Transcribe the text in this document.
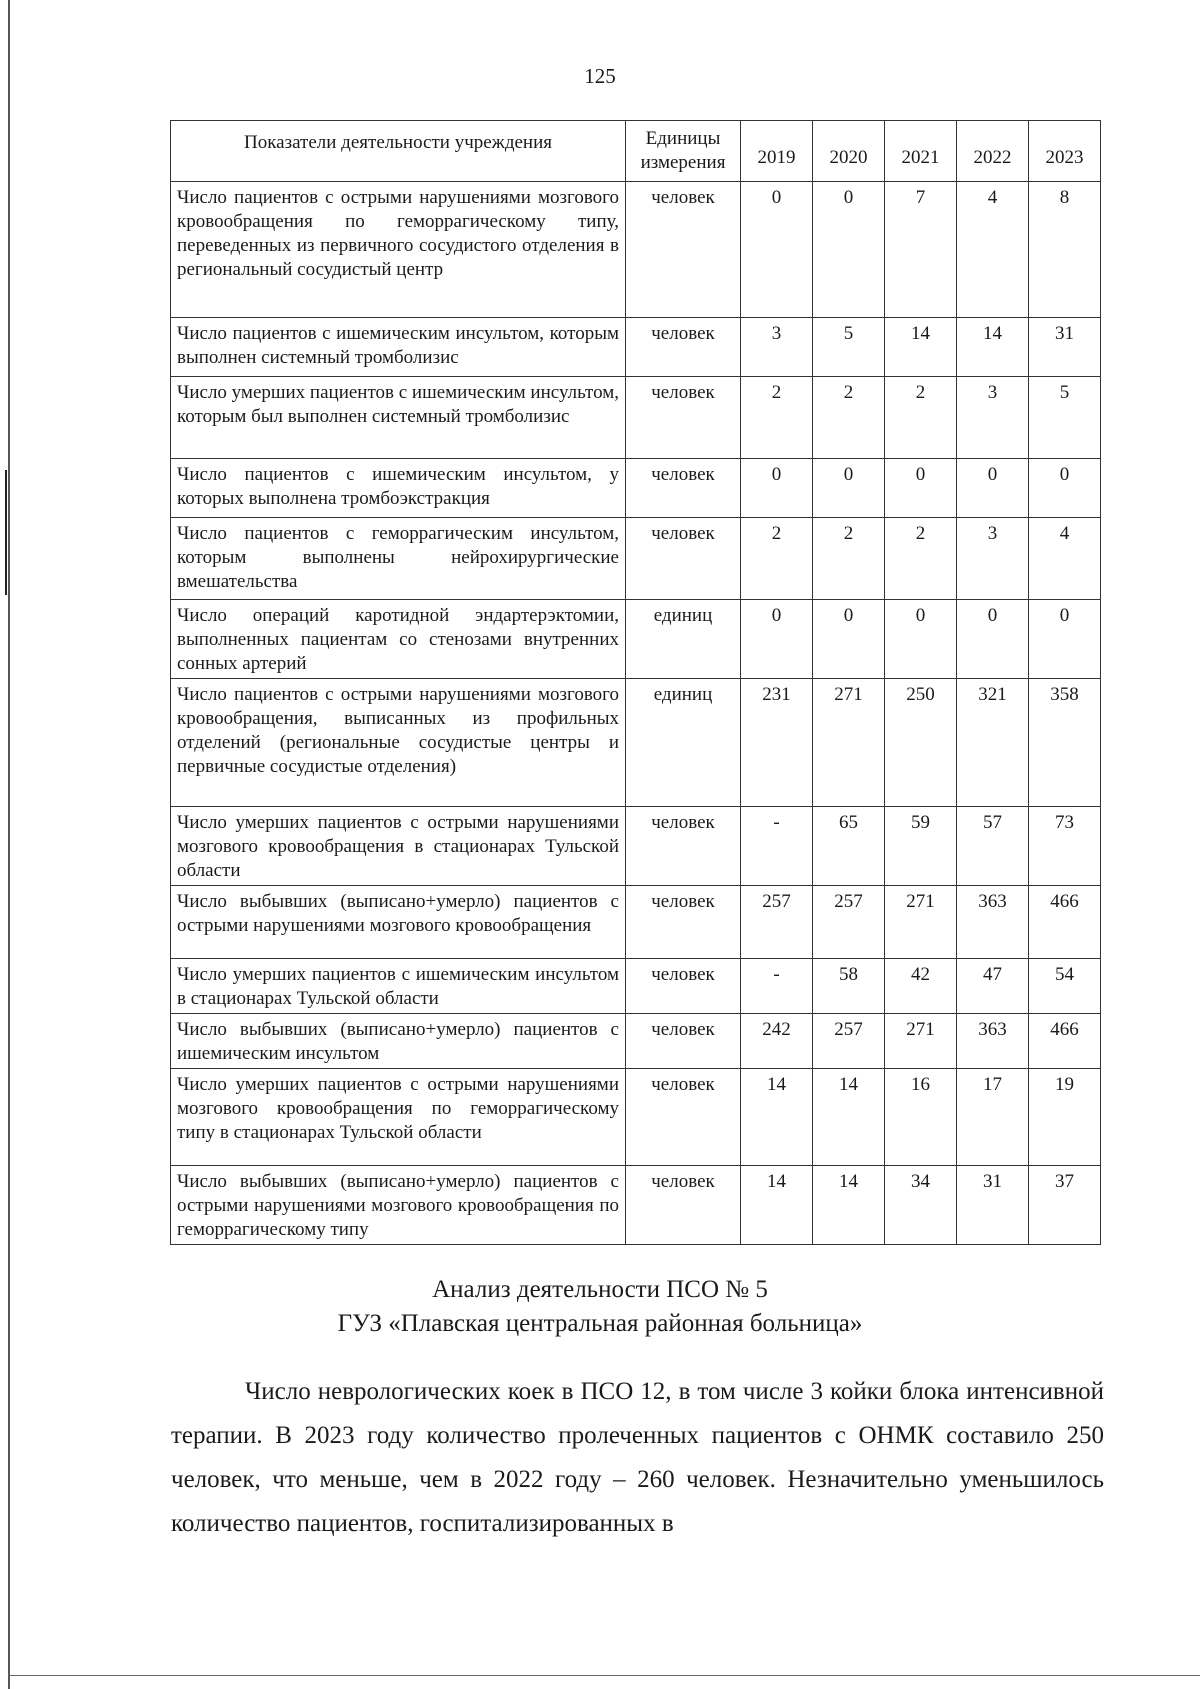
125
Показатели деятельности учреждения	Единицы измерения	2019	2020	2021	2022	2023
Число пациентов с острыми нарушениями мозгового кровообращения по геморрагическому типу, переведенных из первичного сосудистого отделения в региональный сосудистый центр	человек	0	0	7	4	8
Число пациентов с ишемическим инсультом, которым выполнен системный тромболизис	человек	3	5	14	14	31
Число умерших пациентов с ишемическим инсультом, которым был выполнен системный тромболизис	человек	2	2	2	3	5
Число пациентов с ишемическим инсультом, у которых выполнена тромбоэкстракция	человек	0	0	0	0	0
Число пациентов с геморрагическим инсультом, которым выполнены нейрохирургические вмешательства	человек	2	2	2	3	4
Число операций каротидной эндартерэктомии, выполненных пациентам со стенозами внутренних сонных артерий	единиц	0	0	0	0	0
Число пациентов с острыми нарушениями мозгового кровообращения, выписанных из профильных отделений (региональные сосудистые центры и первичные сосудистые отделения)	единиц	231	271	250	321	358
Число умерших пациентов с острыми нарушениями мозгового кровообращения в стационарах Тульской области	человек	-	65	59	57	73
Число выбывших (выписано+умерло) пациентов с острыми нарушениями мозгового кровообращения	человек	257	257	271	363	466
Число умерших пациентов с ишемическим инсультом в стационарах Тульской области	человек	-	58	42	47	54
Число выбывших (выписано+умерло) пациентов с ишемическим инсультом	человек	242	257	271	363	466
Число умерших пациентов с острыми нарушениями мозгового кровообращения по геморрагическому типу в стационарах Тульской области	человек	14	14	16	17	19
Число выбывших (выписано+умерло) пациентов с острыми нарушениями мозгового кровообращения по геморрагическому типу	человек	14	14	34	31	37
Анализ деятельности ПСО № 5
ГУЗ «Плавская центральная районная больница»

Число неврологических коек в ПСО 12, в том числе 3 койки блока интенсивной терапии. В 2023 году количество пролеченных пациентов с ОНМК составило 250 человек, что меньше, чем в 2022 году – 260 человек. Незначительно уменьшилось количество пациентов, госпитализированных в
